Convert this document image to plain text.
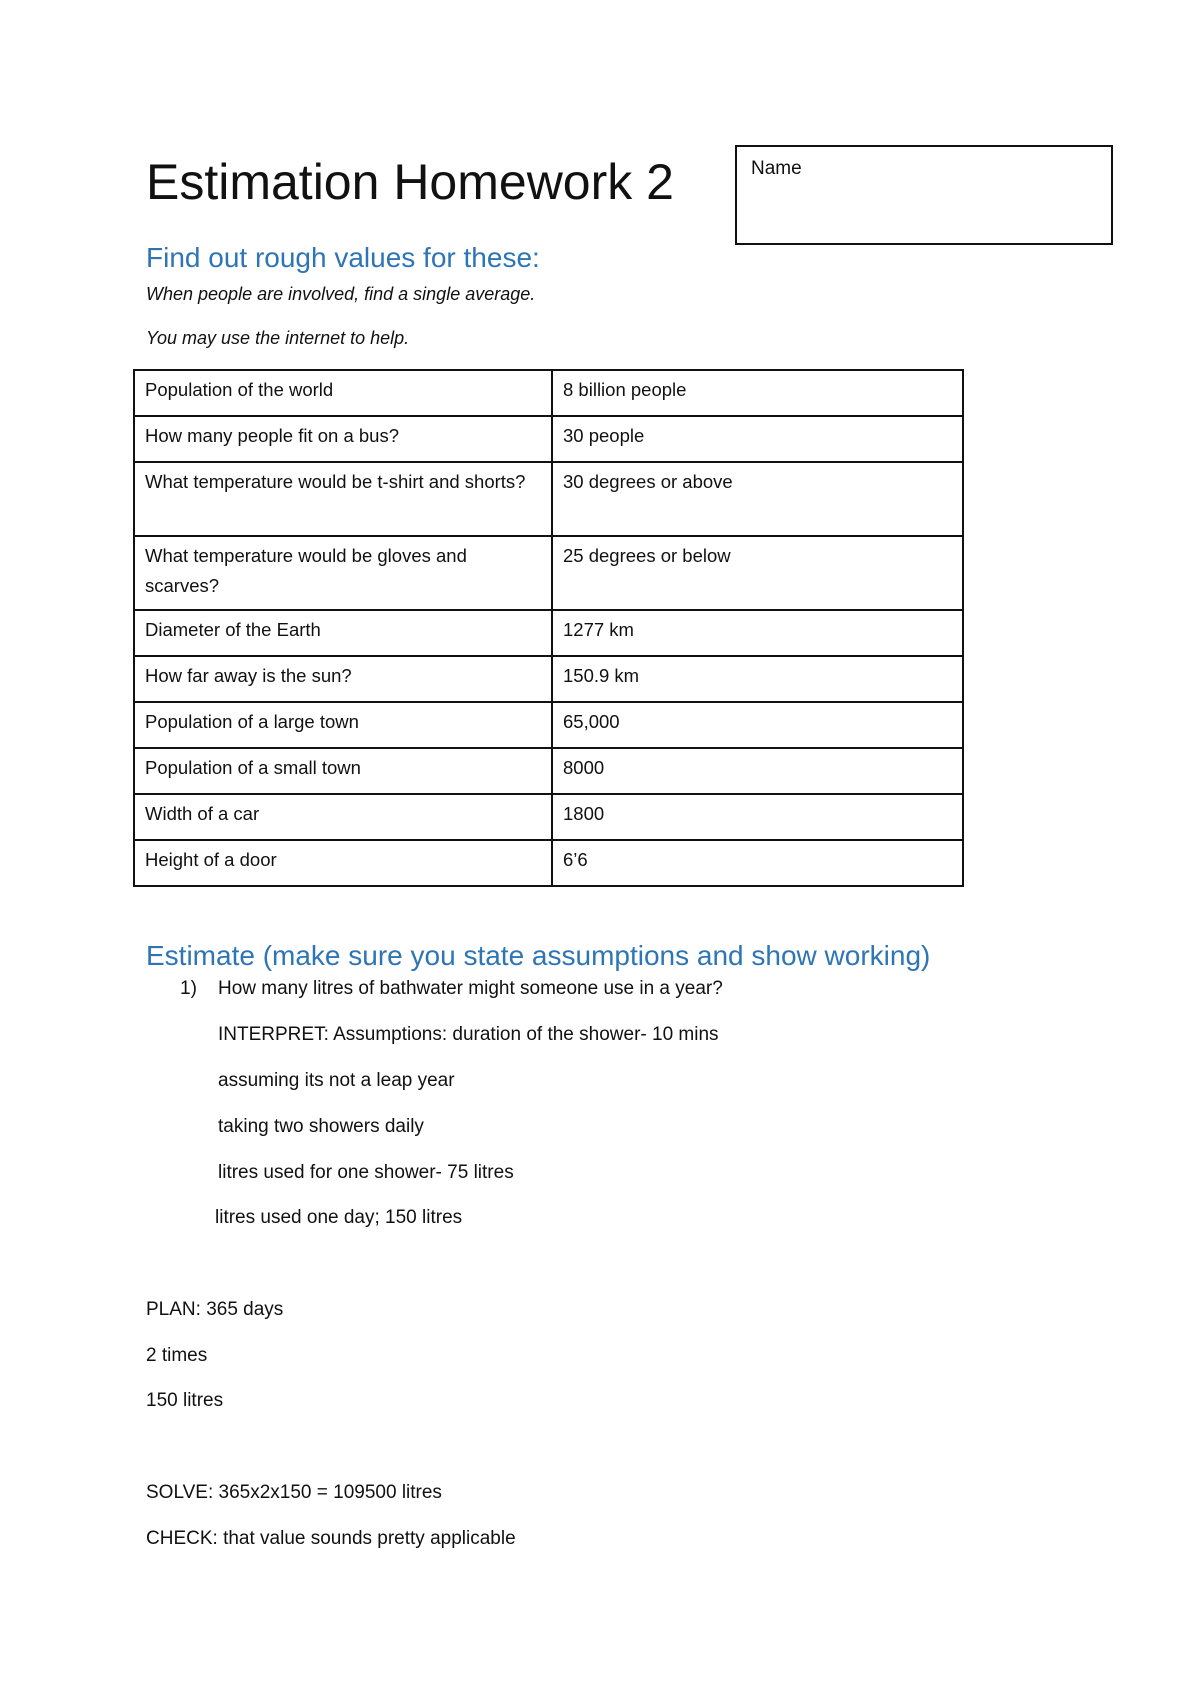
Estimation Homework 2	Name
Find out rough values for these:
When people are involved, find a single average.
You may use the internet to help.
Population of the world	8 billion people
How many people fit on a bus?	30 people
What temperature would be t-shirt and shorts?	30 degrees or above
What temperature would be gloves and scarves?	25 degrees or below
Diameter of the Earth	1277 km
How far away is the sun?	150.9 km
Population of a large town	65,000
Population of a small town	8000
Width of a car	1800
Height of a door	6’6
Estimate (make sure you state assumptions and show working)
1) How many litres of bathwater might someone use in a year?
INTERPRET: Assumptions: duration of the shower- 10 mins
assuming its not a leap year
taking two showers daily
litres used for one shower- 75 litres
litres used one day; 150 litres
PLAN: 365 days
2 times
150 litres
SOLVE: 365x2x150 = 109500 litres
CHECK: that value sounds pretty applicable
